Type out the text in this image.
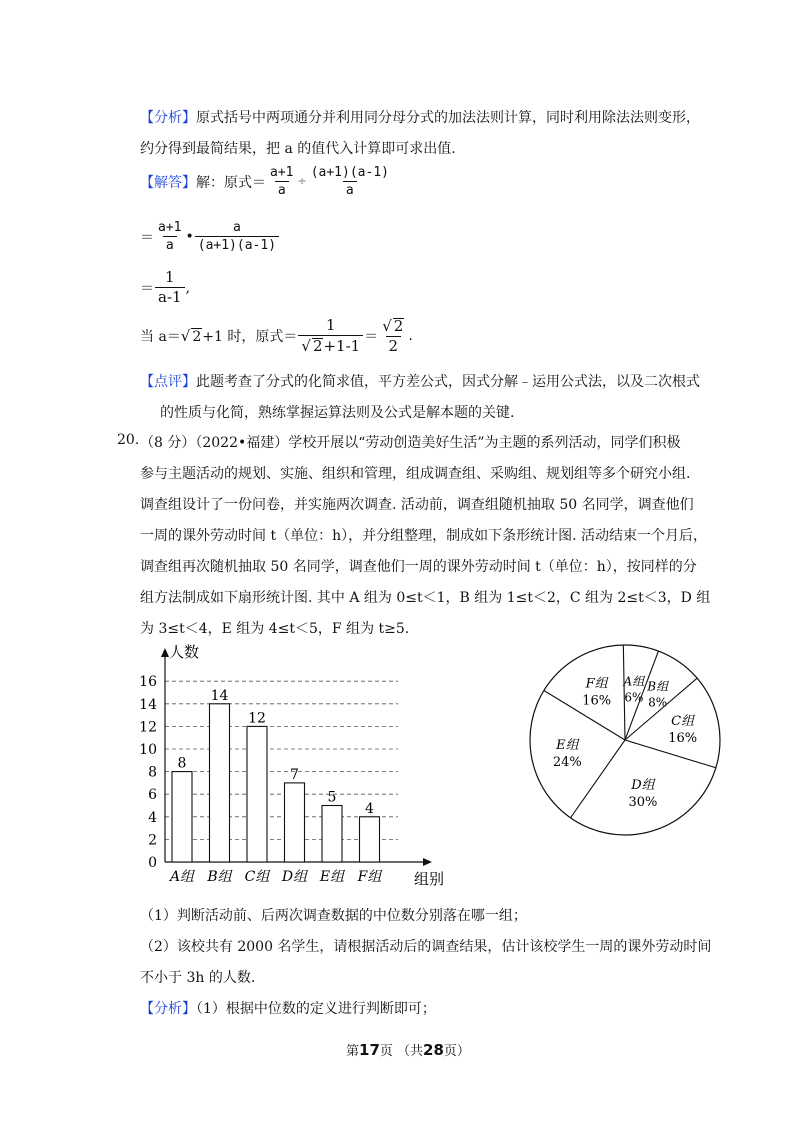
【分析】原式括号中两项通分并利用同分母分式的加法法则计算，同时利用除法法则变形，
约分得到最简结果，把 a 的值代入计算即可求出值.
【解答】 解：原式＝ $\frac{a+1}{a} \div \frac{(a+1)(a-1)}{a}$
＝ $\frac{a+1}{a}$ • $\frac{a}{(a+1)(a-1)}$
＝ $\frac{1}{a-1}$ ,
当 a＝ √ 2 +1 时，原式＝ $\frac{1}{√ 2+1-1} = \frac{√ 2}{2}$ .
【点评】此题考查了分式的化简求值，平方差公式，因式分解﹣运用公式法，以及二次根式
的性质与化简，熟练掌握运算法则及公式是解本题的关键.
20. （8 分）（2022•福建）学校开展以“劳动创造美好生活”为主题的系列活动，同学们积极
参与主题活动的规划、实施、组织和管理，组成调查组、采购组、规划组等多个研究小组.
调查组设计了一份问卷，并实施两次调查. 活动前，调查组随机抽取 50 名同学，调查他们
一周的课外劳动时间 t（单位：h），并分组整理，制成如下条形统计图. 活动结束一个月后，
调查组再次随机抽取 50 名同学，调查他们一周的课外劳动时间 t（单位：h），按同样的分
组方法制成如下扇形统计图. 其中 A 组为 0≤t＜1，B 组为 1≤t＜2，C 组为 2≤t＜3，D 组
为 3≤t＜4，E 组为 4≤t＜5，F 组为 t≥5.
人数
组别
0
2
4
6
8
10
12
14
16
8
A组
14
B组
12
C组
7
D组
5
E组
4
F组
A组
6%
B组
8%
C组
16%
D组
30%
E组
24%
F组
16%
（1）判断活动前、后两次调查数据的中位数分别落在哪一组；
（2）该校共有 2000 名学生，请根据活动后的调查结果，估计该校学生一周的课外劳动时间
不小于 3h 的人数.
【分析】（1）根据中位数的定义进行判断即可；
第17页 （共28页）
